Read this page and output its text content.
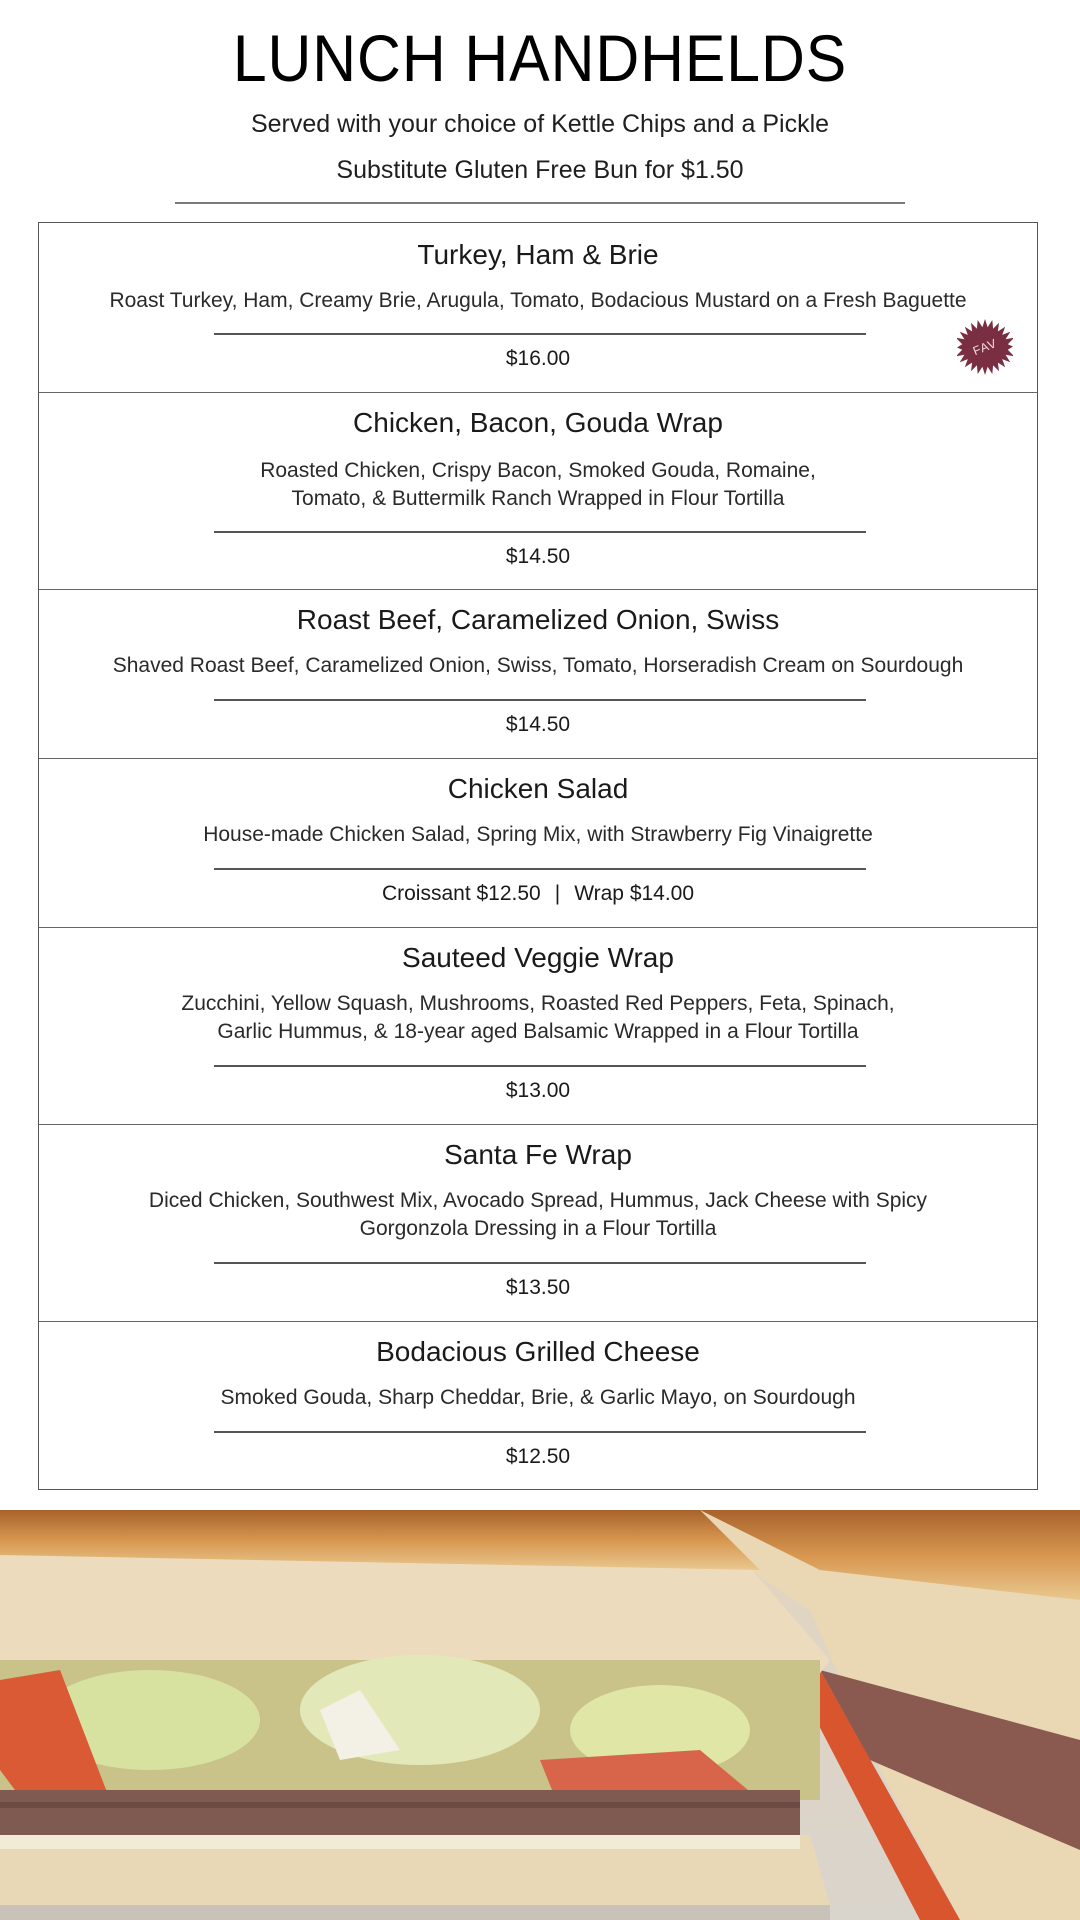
LUNCH HANDHELDS
Served with your choice of Kettle Chips and a Pickle
Substitute Gluten Free Bun for $1.50
Turkey, Ham & Brie
Roast Turkey, Ham, Creamy Brie, Arugula, Tomato, Bodacious Mustard on a Fresh Baguette
$16.00	FAV
Chicken, Bacon, Gouda Wrap
Roasted Chicken, Crispy Bacon, Smoked Gouda, Romaine,
Tomato, & Buttermilk Ranch Wrapped in Flour Tortilla
$14.50
Roast Beef, Caramelized Onion, Swiss
Shaved Roast Beef, Caramelized Onion, Swiss, Tomato, Horseradish Cream on Sourdough
$14.50
Chicken Salad
House-made Chicken Salad, Spring Mix, with Strawberry Fig Vinaigrette
Croissant $12.50 | Wrap $14.00
Sauteed Veggie Wrap
Zucchini, Yellow Squash, Mushrooms, Roasted Red Peppers, Feta, Spinach,
Garlic Hummus, & 18-year aged Balsamic Wrapped in a Flour Tortilla
$13.00
Santa Fe Wrap
Diced Chicken, Southwest Mix, Avocado Spread, Hummus, Jack Cheese with Spicy
Gorgonzola Dressing in a Flour Tortilla
$13.50
Bodacious Grilled Cheese
Smoked Gouda, Sharp Cheddar, Brie, & Garlic Mayo, on Sourdough
$12.50
